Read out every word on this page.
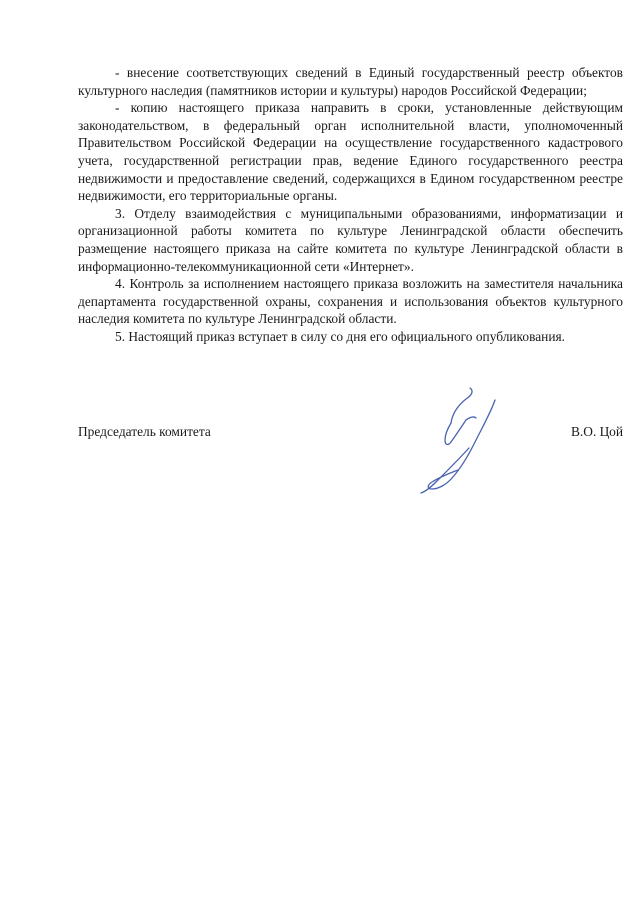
- внесение соответствующих сведений в Единый государственный реестр объектов культурного наследия (памятников истории и культуры) народов Российской Федерации;

- копию настоящего приказа направить в сроки, установленные действующим законодательством, в федеральный орган исполнительной власти, уполномоченный Правительством Российской Федерации на осуществление государственного кадастрового учета, государственной регистрации прав, ведение Единого государственного реестра недвижимости и предоставление сведений, содержащихся в Едином государственном реестре недвижимости, его территориальные органы.

3. Отделу взаимодействия с муниципальными образованиями, информатизации и организационной работы комитета по культуре Ленинградской области обеспечить размещение настоящего приказа на сайте комитета по культуре Ленинградской области в информационно-телекоммуникационной сети «Интернет».

4. Контроль за исполнением настоящего приказа возложить на заместителя начальника департамента государственной охраны, сохранения и использования объектов культурного наследия комитета по культуре Ленинградской области.

5. Настоящий приказ вступает в силу со дня его официального опубликования.

Председатель комитета	В.О. Цой
